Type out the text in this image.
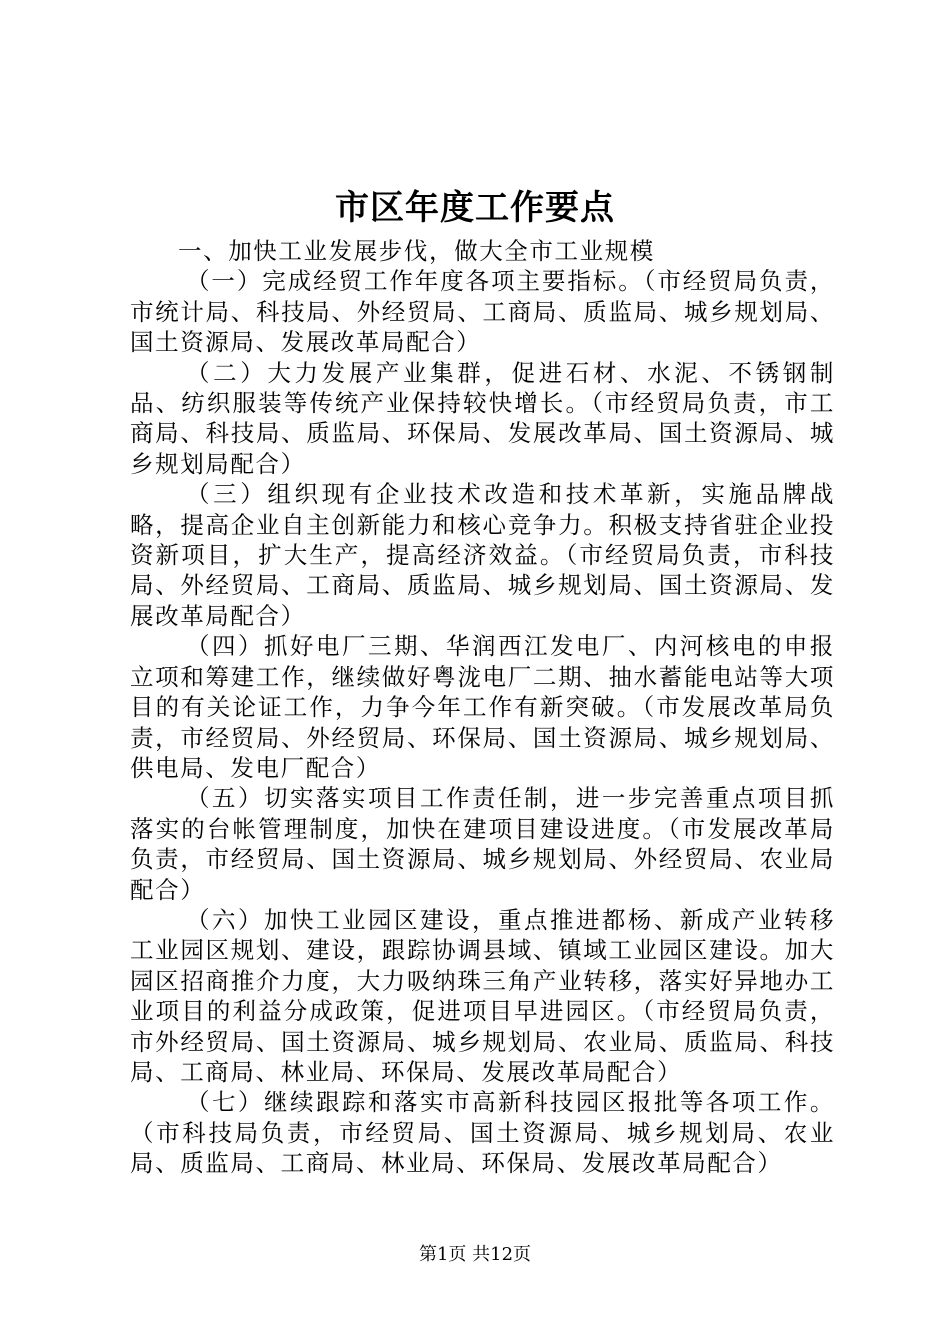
市区年度工作要点

一、加快工业发展步伐，做大全市工业规模

（一）完成经贸工作年度各项主要指标。（市经贸局负责，市统计局、科技局、外经贸局、工商局、质监局、城乡规划局、国土资源局、发展改革局配合）

（二）大力发展产业集群，促进石材、水泥、不锈钢制品、纺织服装等传统产业保持较快增长。（市经贸局负责，市工商局、科技局、质监局、环保局、发展改革局、国土资源局、城乡规划局配合）

（三）组织现有企业技术改造和技术革新，实施品牌战略，提高企业自主创新能力和核心竞争力。积极支持省驻企业投资新项目，扩大生产，提高经济效益。（市经贸局负责，市科技局、外经贸局、工商局、质监局、城乡规划局、国土资源局、发展改革局配合）

（四）抓好电厂三期、华润西江发电厂、内河核电的申报立项和筹建工作，继续做好粤泷电厂二期、抽水蓄能电站等大项目的有关论证工作，力争今年工作有新突破。（市发展改革局负责，市经贸局、外经贸局、环保局、国土资源局、城乡规划局、供电局、发电厂配合）

（五）切实落实项目工作责任制，进一步完善重点项目抓落实的台帐管理制度，加快在建项目建设进度。（市发展改革局负责，市经贸局、国土资源局、城乡规划局、外经贸局、农业局配合）

（六）加快工业园区建设，重点推进都杨、新成产业转移工业园区规划、建设，跟踪协调县域、镇域工业园区建设。加大园区招商推介力度，大力吸纳珠三角产业转移，落实好异地办工业项目的利益分成政策，促进项目早进园区。（市经贸局负责，市外经贸局、国土资源局、城乡规划局、农业局、质监局、科技局、工商局、林业局、环保局、发展改革局配合）

（七）继续跟踪和落实市高新科技园区报批等各项工作。（市科技局负责，市经贸局、国土资源局、城乡规划局、农业局、质监局、工商局、林业局、环保局、发展改革局配合）

第1页 共12页
